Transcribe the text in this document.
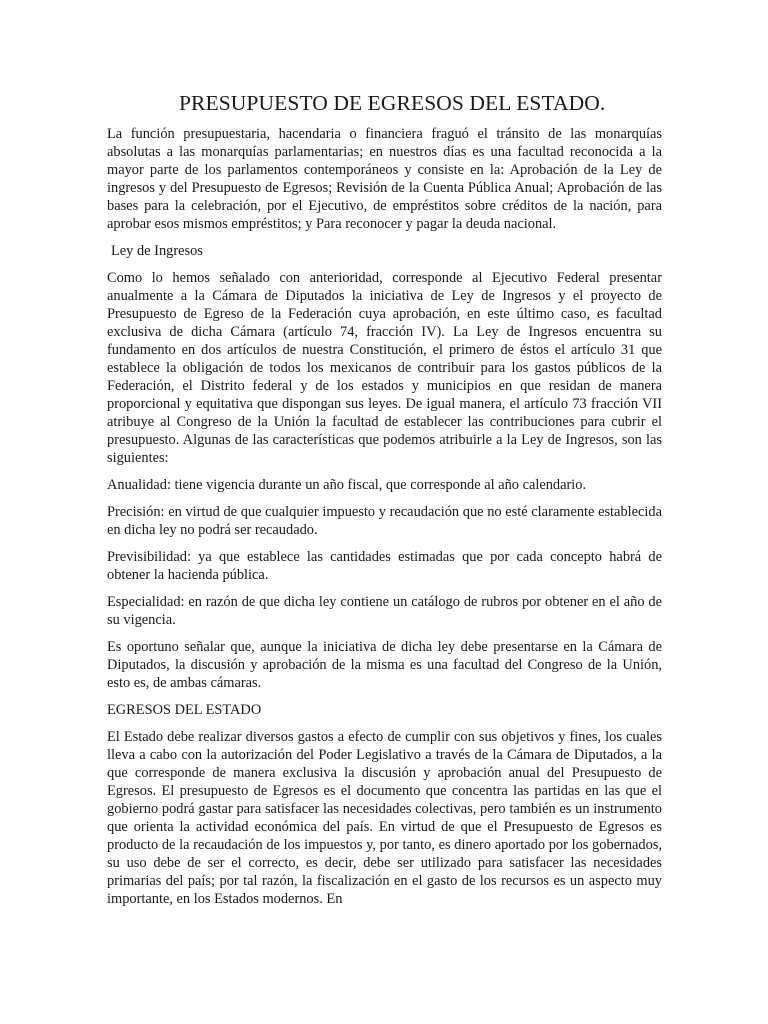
PRESUPUESTO DE EGRESOS DEL ESTADO.

La función presupuestaria, hacendaria o financiera fraguó el tránsito de las monarquías absolutas a las monarquías parlamentarias; en nuestros días es una facultad reconocida a la mayor parte de los parlamentos contemporáneos y consiste en la: Aprobación de la Ley de ingresos y del Presupuesto de Egresos; Revisión de la Cuenta Pública Anual; Aprobación de las bases para la celebración, por el Ejecutivo, de empréstitos sobre créditos de la nación, para aprobar esos mismos empréstitos; y Para reconocer y pagar la deuda nacional.

Ley de Ingresos

Como lo hemos señalado con anterioridad, corresponde al Ejecutivo Federal presentar anualmente a la Cámara de Diputados la iniciativa de Ley de Ingresos y el proyecto de Presupuesto de Egreso de la Federación cuya aprobación, en este último caso, es facultad exclusiva de dicha Cámara (artículo 74, fracción IV). La Ley de Ingresos encuentra su fundamento en dos artículos de nuestra Constitución, el primero de éstos el artículo 31 que establece la obligación de todos los mexicanos de contribuir para los gastos públicos de la Federación, el Distrito federal y de los estados y municipios en que residan de manera proporcional y equitativa que dispongan sus leyes. De igual manera, el artículo 73 fracción VII atribuye al Congreso de la Unión la facultad de establecer las contribuciones para cubrir el presupuesto. Algunas de las características que podemos atribuirle a la Ley de Ingresos, son las siguientes:

Anualidad: tiene vigencia durante un año fiscal, que corresponde al año calendario.

Precisión: en virtud de que cualquier impuesto y recaudación que no esté claramente establecida en dicha ley no podrá ser recaudado.

Previsibilidad: ya que establece las cantidades estimadas que por cada concepto habrá de obtener la hacienda pública.

Especialidad: en razón de que dicha ley contiene un catálogo de rubros por obtener en el año de su vigencia.

Es oportuno señalar que, aunque la iniciativa de dicha ley debe presentarse en la Cámara de Diputados, la discusión y aprobación de la misma es una facultad del Congreso de la Unión, esto es, de ambas cámaras.

EGRESOS DEL ESTADO

El Estado debe realizar diversos gastos a efecto de cumplir con sus objetivos y fines, los cuales lleva a cabo con la autorización del Poder Legislativo a través de la Cámara de Diputados, a la que corresponde de manera exclusiva la discusión y aprobación anual del Presupuesto de Egresos. El presupuesto de Egresos es el documento que concentra las partidas en las que el gobierno podrá gastar para satisfacer las necesidades colectivas, pero también es un instrumento que orienta la actividad económica del país. En virtud de que el Presupuesto de Egresos es producto de la recaudación de los impuestos y, por tanto, es dinero aportado por los gobernados, su uso debe de ser el correcto, es decir, debe ser utilizado para satisfacer las necesidades primarias del país; por tal razón, la fiscalización en el gasto de los recursos es un aspecto muy importante, en los Estados modernos. En
